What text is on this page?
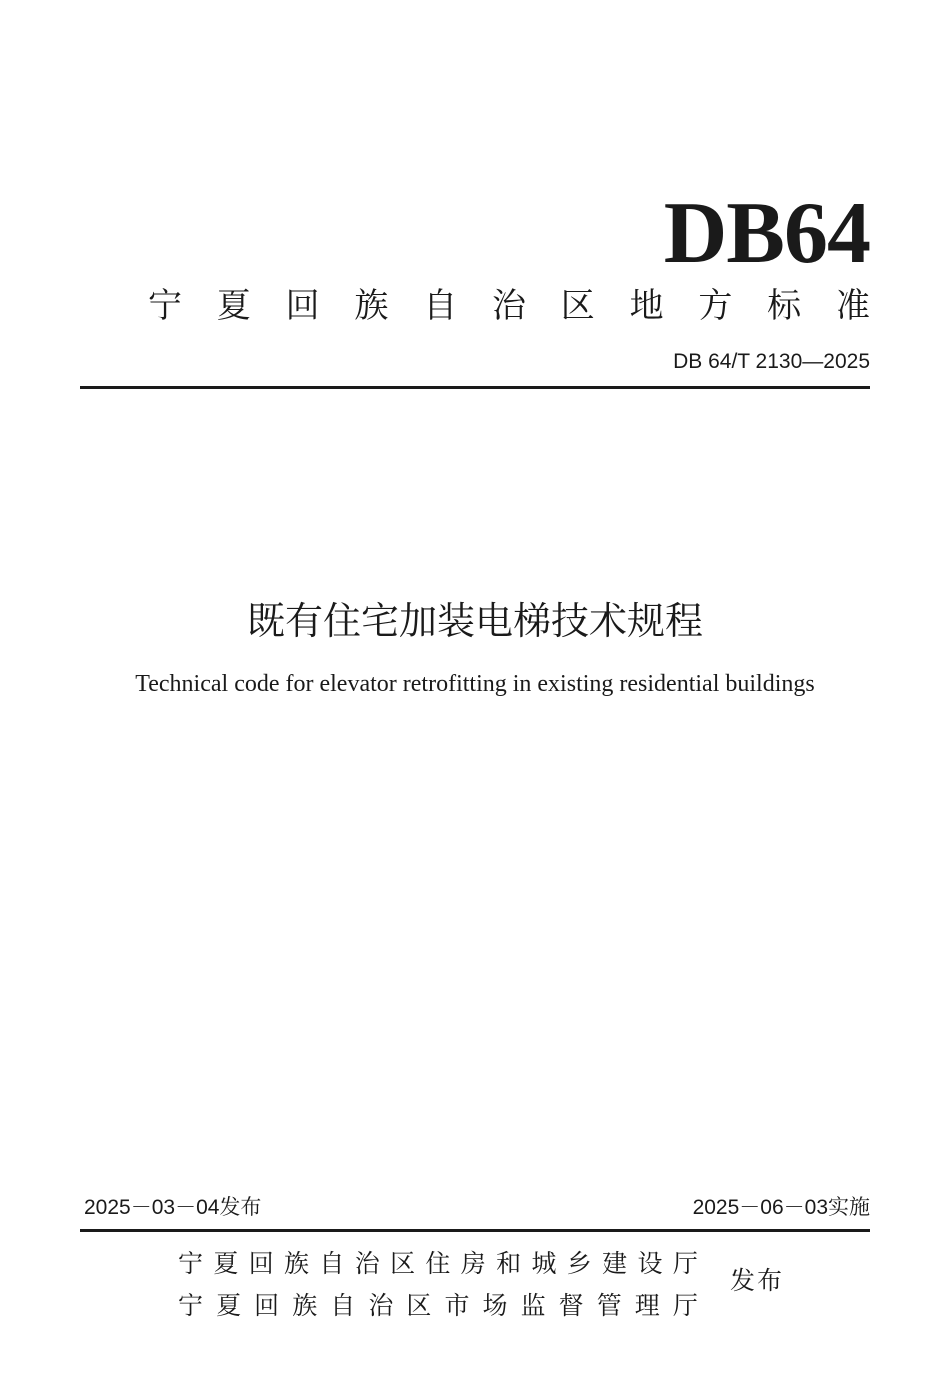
DB64
宁 夏 回 族 自 治 区 地 方 标 准
DB 64/T 2130—2025
既有住宅加装电梯技术规程
Technical code for elevator retrofitting in existing residential buildings
2025－03－04发布	2025－06－03实施
宁 夏 回 族 自 治 区 住 房 和 城 乡 建 设 厅
宁 夏 回 族 自 治 区 市 场 监 督 管 理 厅
发布
